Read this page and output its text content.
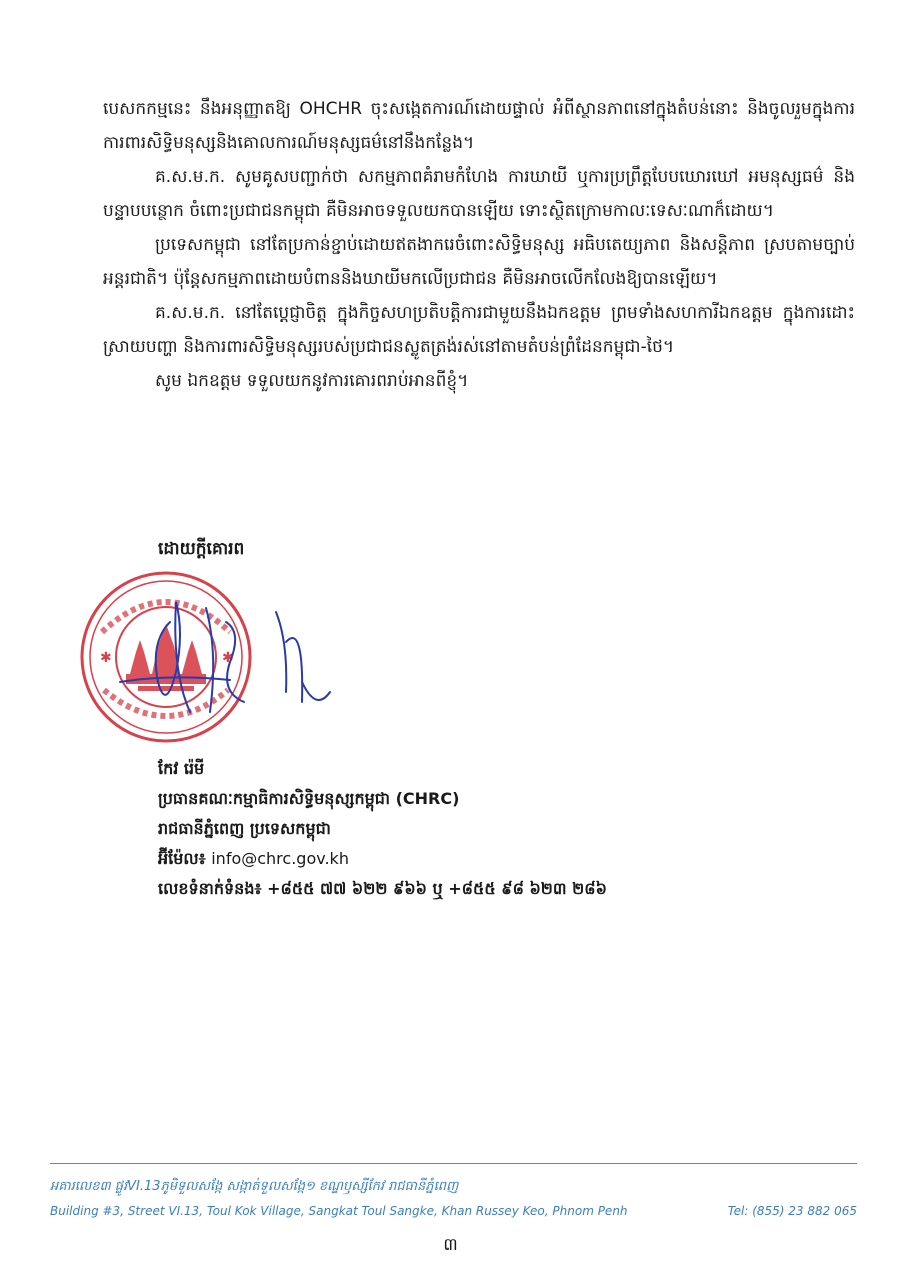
បេសកកម្មនេះ នឹងអនុញ្ញាតឱ្យ OHCHR ចុះសង្កេតការណ៍ដោយផ្ទាល់ អំពីស្ថានភាពនៅក្នុងតំបន់នោះ និងចូលរួមក្នុងការការពារសិទ្ធិមនុស្សនិងគោលការណ៍មនុស្សធម៌នៅនឹងកន្លែង។

គ.ស.ម.ក. សូមគូសបញ្ជាក់ថា សកម្មភាពគំរាមកំហែង ការឃាយី ឬការប្រព្រឹត្តបែបឃោរឃៅ អមនុស្សធម៌ និងបន្ទាបបន្ថោក ចំពោះប្រជាជនកម្ពុជា គឺមិនអាចទទួលយកបានឡើយ ទោះស្ថិតក្រោមកាលៈទេសៈណាក៏ដោយ។

ប្រទេសកម្ពុជា នៅតែប្រកាន់ខ្ជាប់ដោយឥតងាករេចំពោះសិទ្ធិមនុស្ស អធិបតេយ្យភាព និងសន្តិភាព ស្របតាមច្បាប់អន្តរជាតិ។ ប៉ុន្តែសកម្មភាពដោយបំពាននិងឃាយីមកលើប្រជាជន គឺមិនអាចលើកលែងឱ្យបានឡើយ។

គ.ស.ម.ក. នៅតែប្តេជ្ញាចិត្ត ក្នុងកិច្ចសហប្រតិបត្តិការជាមួយនឹងឯកឧត្តម ព្រមទាំងសហការីឯកឧត្តម ក្នុងការដោះស្រាយបញ្ហា និងការពារសិទ្ធិមនុស្សរបស់ប្រជាជនស្លូតត្រង់រស់នៅតាមតំបន់ព្រំដែនកម្ពុជា-ថៃ។

សូម ឯកឧត្តម ទទួលយកនូវការគោរពរាប់អានពីខ្ញុំ។

ដោយក្ដីគោរព
✱	✱
កែវ រ៉េមី
ប្រធានគណៈកម្មាធិការសិទ្ធិមនុស្សកម្ពុជា (CHRC)
រាជធានីភ្នំពេញ ប្រទេសកម្ពុជា
អ៊ីម៉ែល៖ info@chrc.gov.kh
លេខទំនាក់ទំនង៖ +៨៥៥ ៧៧ ៦២២ ៩៦៦ ឬ +៨៥៥ ៩៨ ៦២៣ ២៨៦
អគារលេខ៣ ផ្លូវVI.13ភូមិទួលសង្កែ សង្កាត់ទួលសង្កែ១ ខណ្ឌឫស្សីកែវ រាជធានីភ្នំពេញ
Building #3, Street VI.13, Toul Kok Village, Sangkat Toul Sangke, Khan Russey Keo, Phnom Penh	Tel: (855) 23 882 065
៣
